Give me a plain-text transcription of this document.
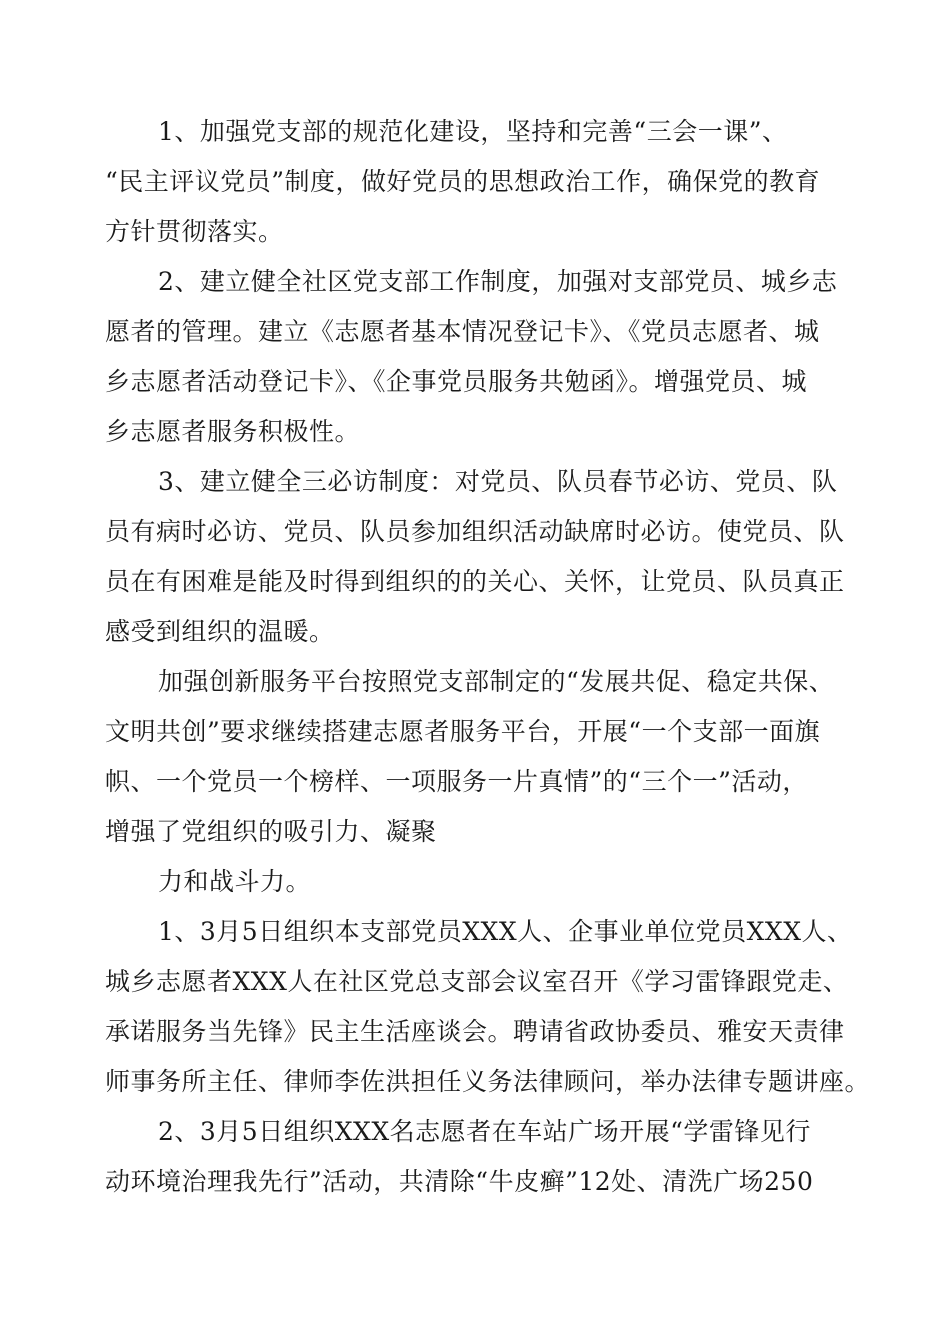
1、加强党支部的规范化建设，坚持和完善“三会一课”、
“民主评议党员”制度，做好党员的思想政治工作，确保党的教育
方针贯彻落实。
2、建立健全社区党支部工作制度，加强对支部党员、城乡志
愿者的管理。建立《志愿者基本情况登记卡》、《党员志愿者、城
乡志愿者活动登记卡》、《企事党员服务共勉函》。增强党员、城
乡志愿者服务积极性。
3、建立健全三必访制度：对党员、队员春节必访、党员、队
员有病时必访、党员、队员参加组织活动缺席时必访。使党员、队
员在有困难是能及时得到组织的的关心、关怀，让党员、队员真正
感受到组织的温暖。
加强创新服务平台按照党支部制定的“发展共促、稳定共保、
文明共创”要求继续搭建志愿者服务平台，开展“一个支部一面旗
帜、一个党员一个榜样、一项服务一片真情”的“三个一”活动，
增强了党组织的吸引力、凝聚
力和战斗力。
1、3月5日组织本支部党员XXX人、企事业单位党员XXX人、
城乡志愿者XXX人在社区党总支部会议室召开《学习雷锋跟党走、
承诺服务当先锋》民主生活座谈会。聘请省政协委员、雅安天责律
师事务所主任、律师李佐洪担任义务法律顾问，举办法律专题讲座。
2、3月5日组织XXX名志愿者在车站广场开展“学雷锋见行
动环境治理我先行”活动，共清除“牛皮癣”12处、清洗广场250
